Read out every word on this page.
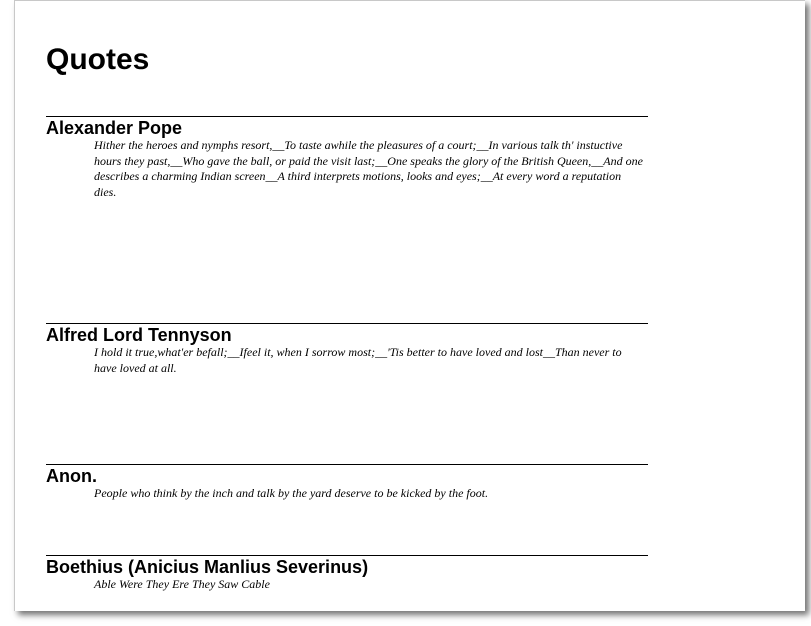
Quotes
Alexander Pope
Hither the heroes and nymphs resort,__To taste awhile the pleasures of a court;__In various talk th' instuctive hours they past,__Who gave the ball, or paid the visit last;__One speaks the glory of the British Queen,__And one describes a charming Indian screen__A third interprets motions, looks and eyes;__At every word a reputation dies.
Alfred Lord Tennyson
I hold it true,what'er befall;__Ifeel it, when I sorrow most;__'Tis better to have loved and lost__Than never to have loved at all.
Anon.
People who think by the inch and talk by the yard deserve to be kicked by the foot.
Boethius (Anicius Manlius Severinus)
Able Were They Ere They Saw Cable
